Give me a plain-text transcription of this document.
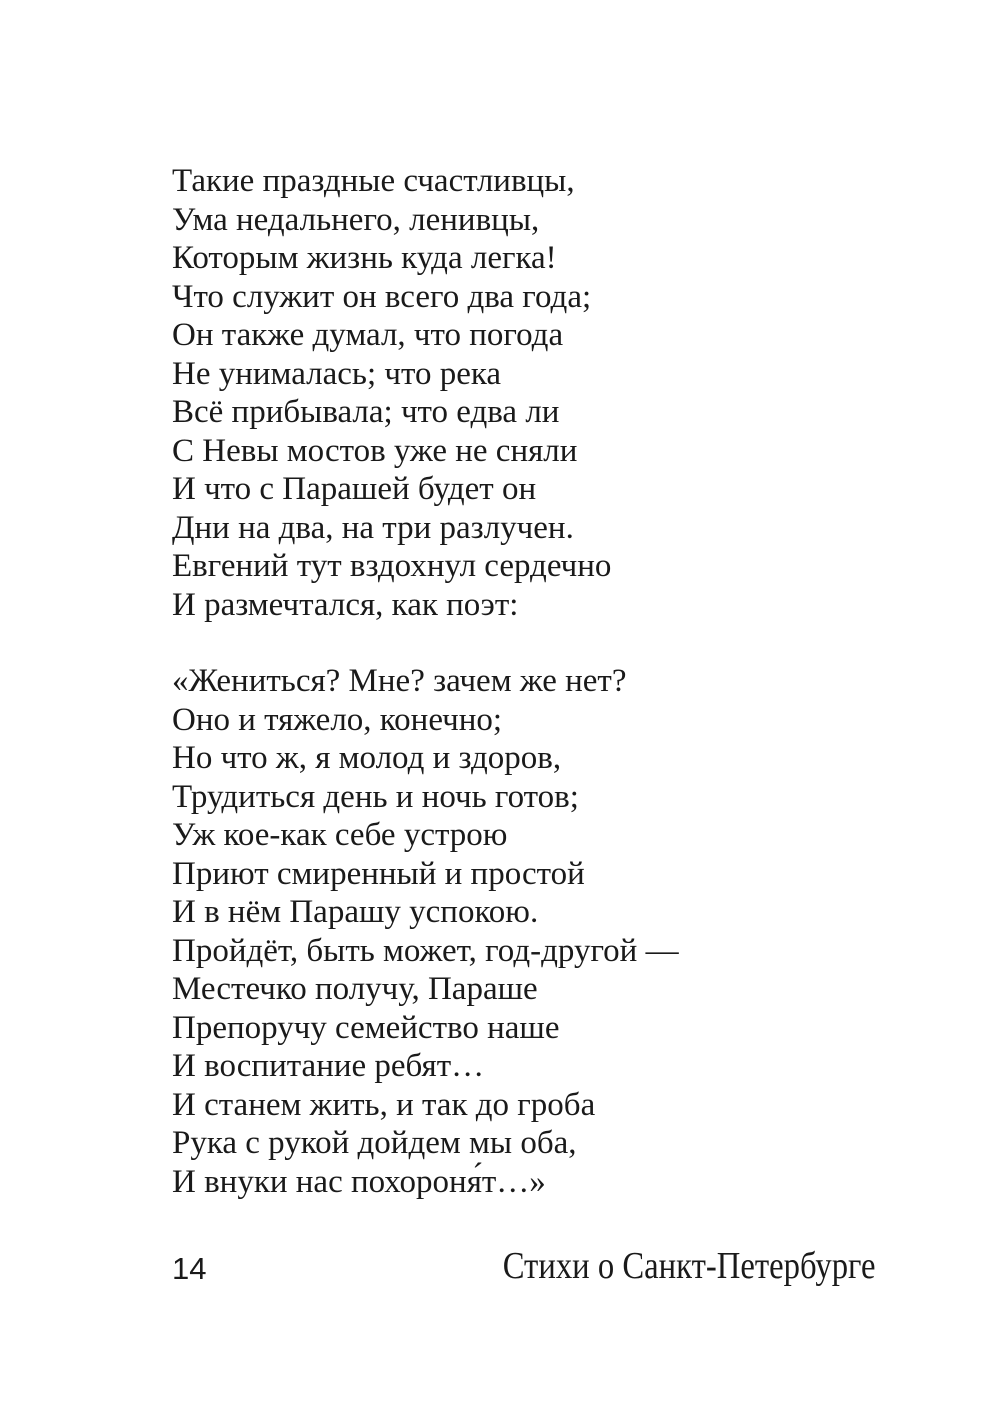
Такие праздные счастливцы,
Ума недальнего, ленивцы,
Которым жизнь куда легка!
Что служит он всего два года;
Он также думал, что погода
Не унималась; что река
Всё прибывала; что едва ли
С Невы мостов уже не сняли
И что с Парашей будет он
Дни на два, на три разлучен.
Евгений тут вздохнул сердечно
И размечтался, как поэт:
«Жениться? Мне? зачем же нет?
Оно и тяжело, конечно;
Но что ж, я молод и здоров,
Трудиться день и ночь готов;
Уж кое-как себе устрою
Приют смиренный и простой
И в нём Парашу успокою.
Пройдёт, быть может, год-другой —
Местечко получу, Параше
Препоручу семейство наше
И воспитание ребят…
И станем жить, и так до гроба
Рука с рукой дойдем мы оба,
И внуки нас похороня́т…»
14	Стихи о Санкт-Петербурге
